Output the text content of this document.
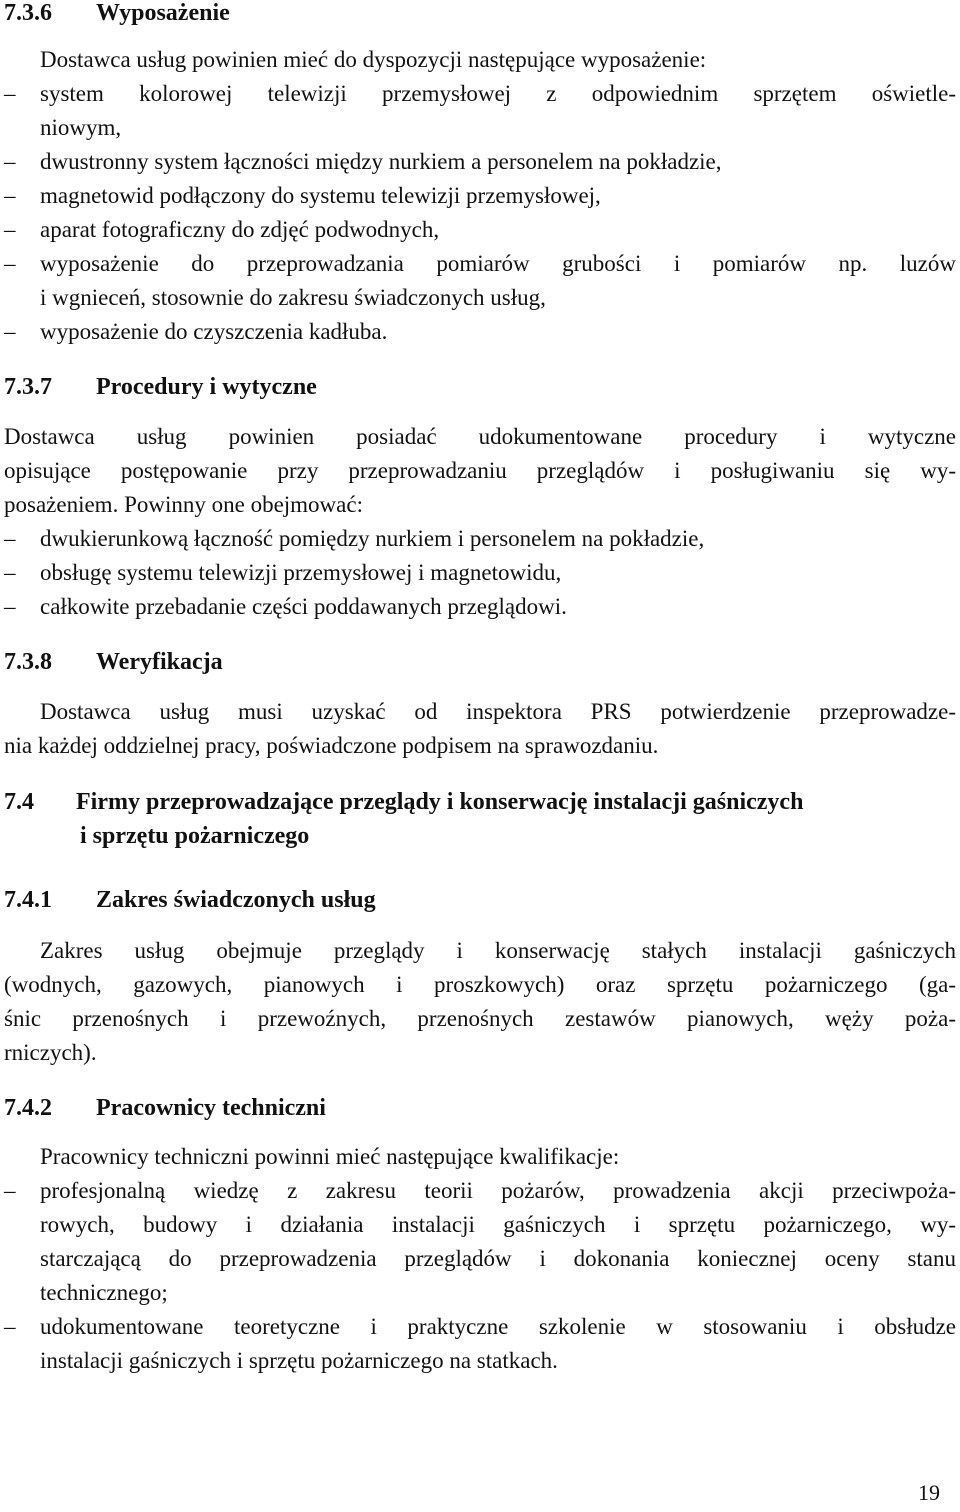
7.3.6 Wyposażenie

Dostawca usług powinien mieć do dyspozycji następujące wyposażenie:

– system kolorowej telewizji przemysłowej z odpowiednim sprzętem oświetle-

niowym,

– dwustronny system łączności między nurkiem a personelem na pokładzie,

– magnetowid podłączony do systemu telewizji przemysłowej,

– aparat fotograficzny do zdjęć podwodnych,

– wyposażenie do przeprowadzania pomiarów grubości i pomiarów np. luzów

i wgnieceń, stosownie do zakresu świadczonych usług,

– wyposażenie do czyszczenia kadłuba.

7.3.7 Procedury i wytyczne

Dostawca usług powinien posiadać udokumentowane procedury i wytyczne

opisujące postępowanie przy przeprowadzaniu przeglądów i posługiwaniu się wy-

posażeniem. Powinny one obejmować:

– dwukierunkową łączność pomiędzy nurkiem i personelem na pokładzie,

– obsługę systemu telewizji przemysłowej i magnetowidu,

– całkowite przebadanie części poddawanych przeglądowi.

7.3.8 Weryfikacja

Dostawca usług musi uzyskać od inspektora PRS potwierdzenie przeprowadze-

nia każdej oddzielnej pracy, poświadczone podpisem na sprawozdaniu.

7.4 Firmy przeprowadzające przeglądy i konserwację instalacji gaśniczych
i sprzętu pożarniczego
7.4.1 Zakres świadczonych usług

Zakres usług obejmuje przeglądy i konserwację stałych instalacji gaśniczych

(wodnych, gazowych, pianowych i proszkowych) oraz sprzętu pożarniczego (ga-

śnic przenośnych i przewoźnych, przenośnych zestawów pianowych, węży poża-

rniczych).

7.4.2 Pracownicy techniczni

Pracownicy techniczni powinni mieć następujące kwalifikacje:

– profesjonalną wiedzę z zakresu teorii pożarów, prowadzenia akcji przeciwpoża-

rowych, budowy i działania instalacji gaśniczych i sprzętu pożarniczego, wy-

starczającą do przeprowadzenia przeglądów i dokonania koniecznej oceny stanu

technicznego;

– udokumentowane teoretyczne i praktyczne szkolenie w stosowaniu i obsłudze

instalacji gaśniczych i sprzętu pożarniczego na statkach.

19
